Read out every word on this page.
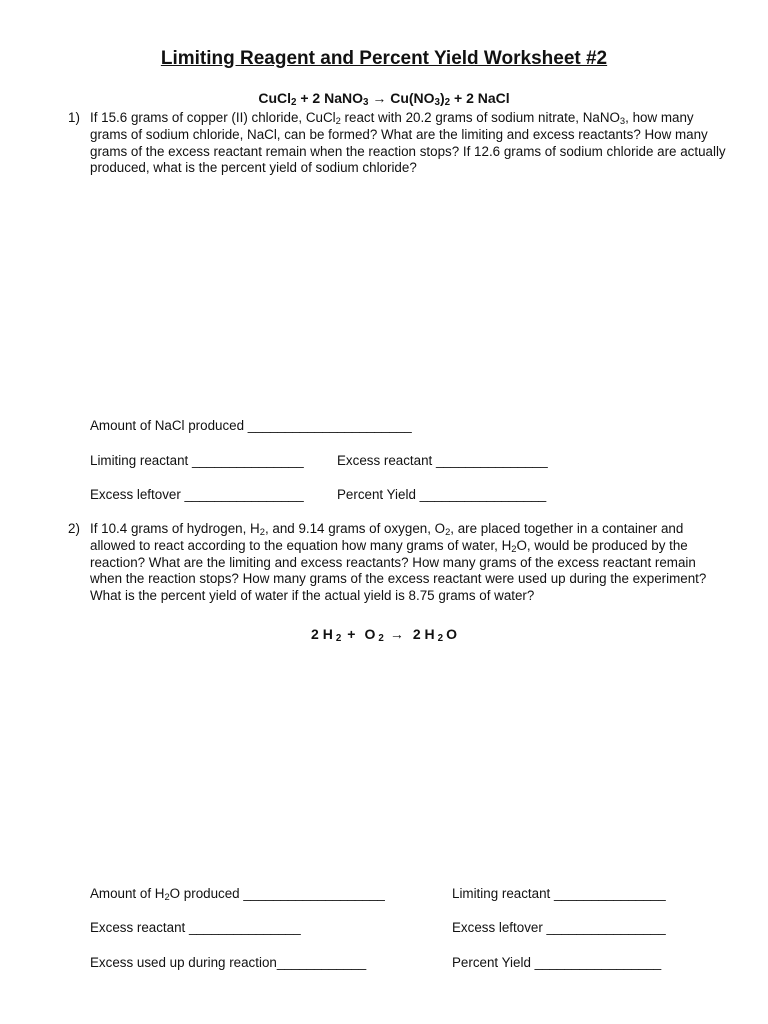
Limiting Reagent and Percent Yield Worksheet #2
CuCl$_2$ + 2 NaNO$_3$ → $Cu(NO_3)_2 + 2$ NaCl
1) If 15.6 grams of copper (II) chloride, CuCl$_2$ react with 20.2 grams of sodium nitrate, NaNO$_3$, how many grams of sodium chloride, NaCl, can be formed? What are the limiting and excess reactants? How many grams of the excess reactant remain when the reaction stops? If 12.6 grams of sodium chloride are actually produced, what is the percent yield of sodium chloride?
Amount of NaCl produced ______________________
Limiting reactant _______________ Excess reactant _______________
Excess leftover ________________ Percent Yield _________________
2) If 10.4 grams of hydrogen, $H_2$, and 9.14 grams of oxygen, $O_2$, are placed together in a container and allowed to react according to the equation how many grams of water, $H_2O$, would be produced by the reaction? What are the limiting and excess reactants? How many grams of the excess reactant remain when the reaction stops? How many grams of the excess reactant were used up during the experiment? What is the percent yield of water if the actual yield is 8.75 grams of water?
2 H $_2$ + O $_2$ → 2 H $_2$ O
Amount of $H_2O$ produced ___________________	Limiting reactant _______________
Excess reactant _______________	Excess leftover ________________
Excess used up during reaction____________	Percent Yield _________________
